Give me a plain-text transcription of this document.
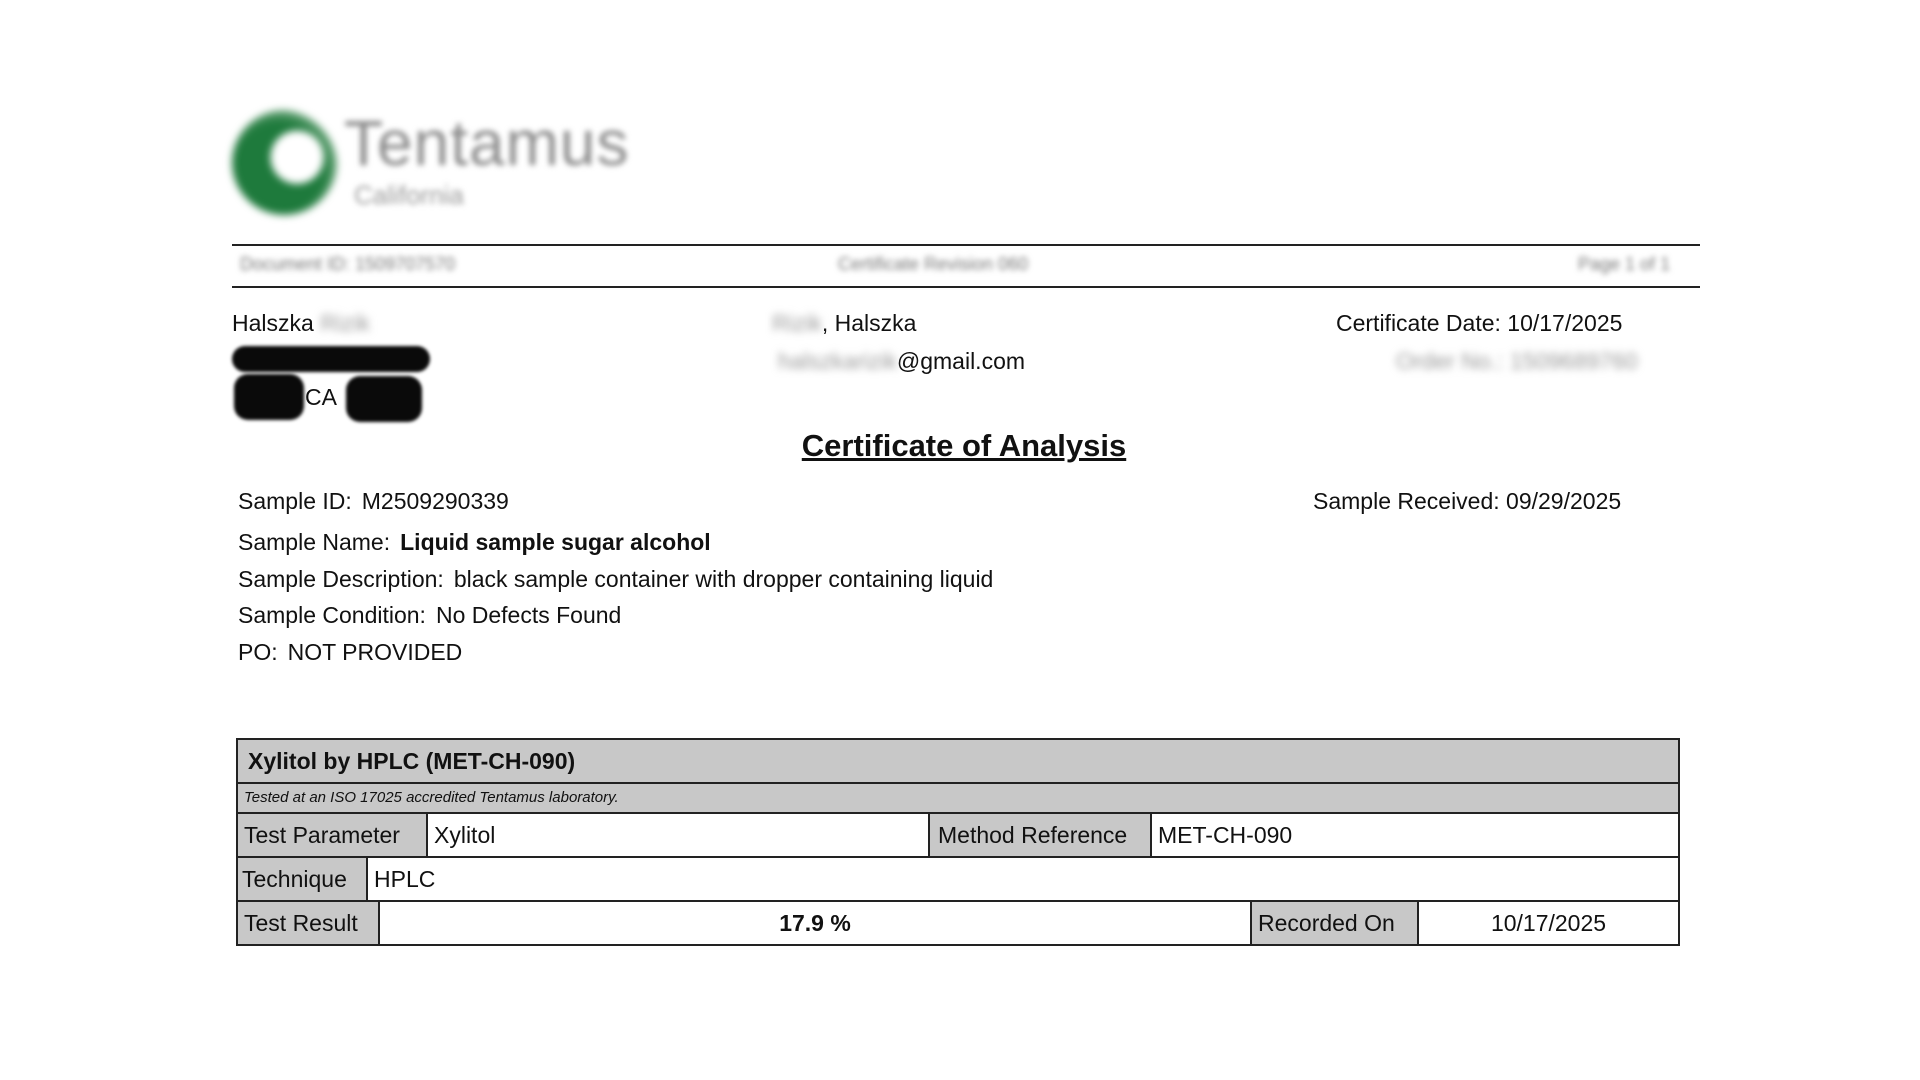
Tentamus
California
Document ID: 1509707570	Certificate Revision 060	Page 1 of 1
Halszka Rizik
CA
Rizik, Halszka
halszkarizik@gmail.com
Certificate Date: 10/17/2025
Order No.: 1509689760
Certificate of Analysis
Sample ID: M2509290339	Sample Received: 09/29/2025
Sample Name: Liquid sample sugar alcohol
Sample Description: black sample container with dropper containing liquid
Sample Condition: No Defects Found
PO: NOT PROVIDED
Xylitol by HPLC (MET-CH-090)
Tested at an ISO 17025 accredited Tentamus laboratory.
Test Parameter	Xylitol	Method Reference	MET-CH-090
Technique	HPLC
Test Result	17.9 %	Recorded On	10/17/2025
